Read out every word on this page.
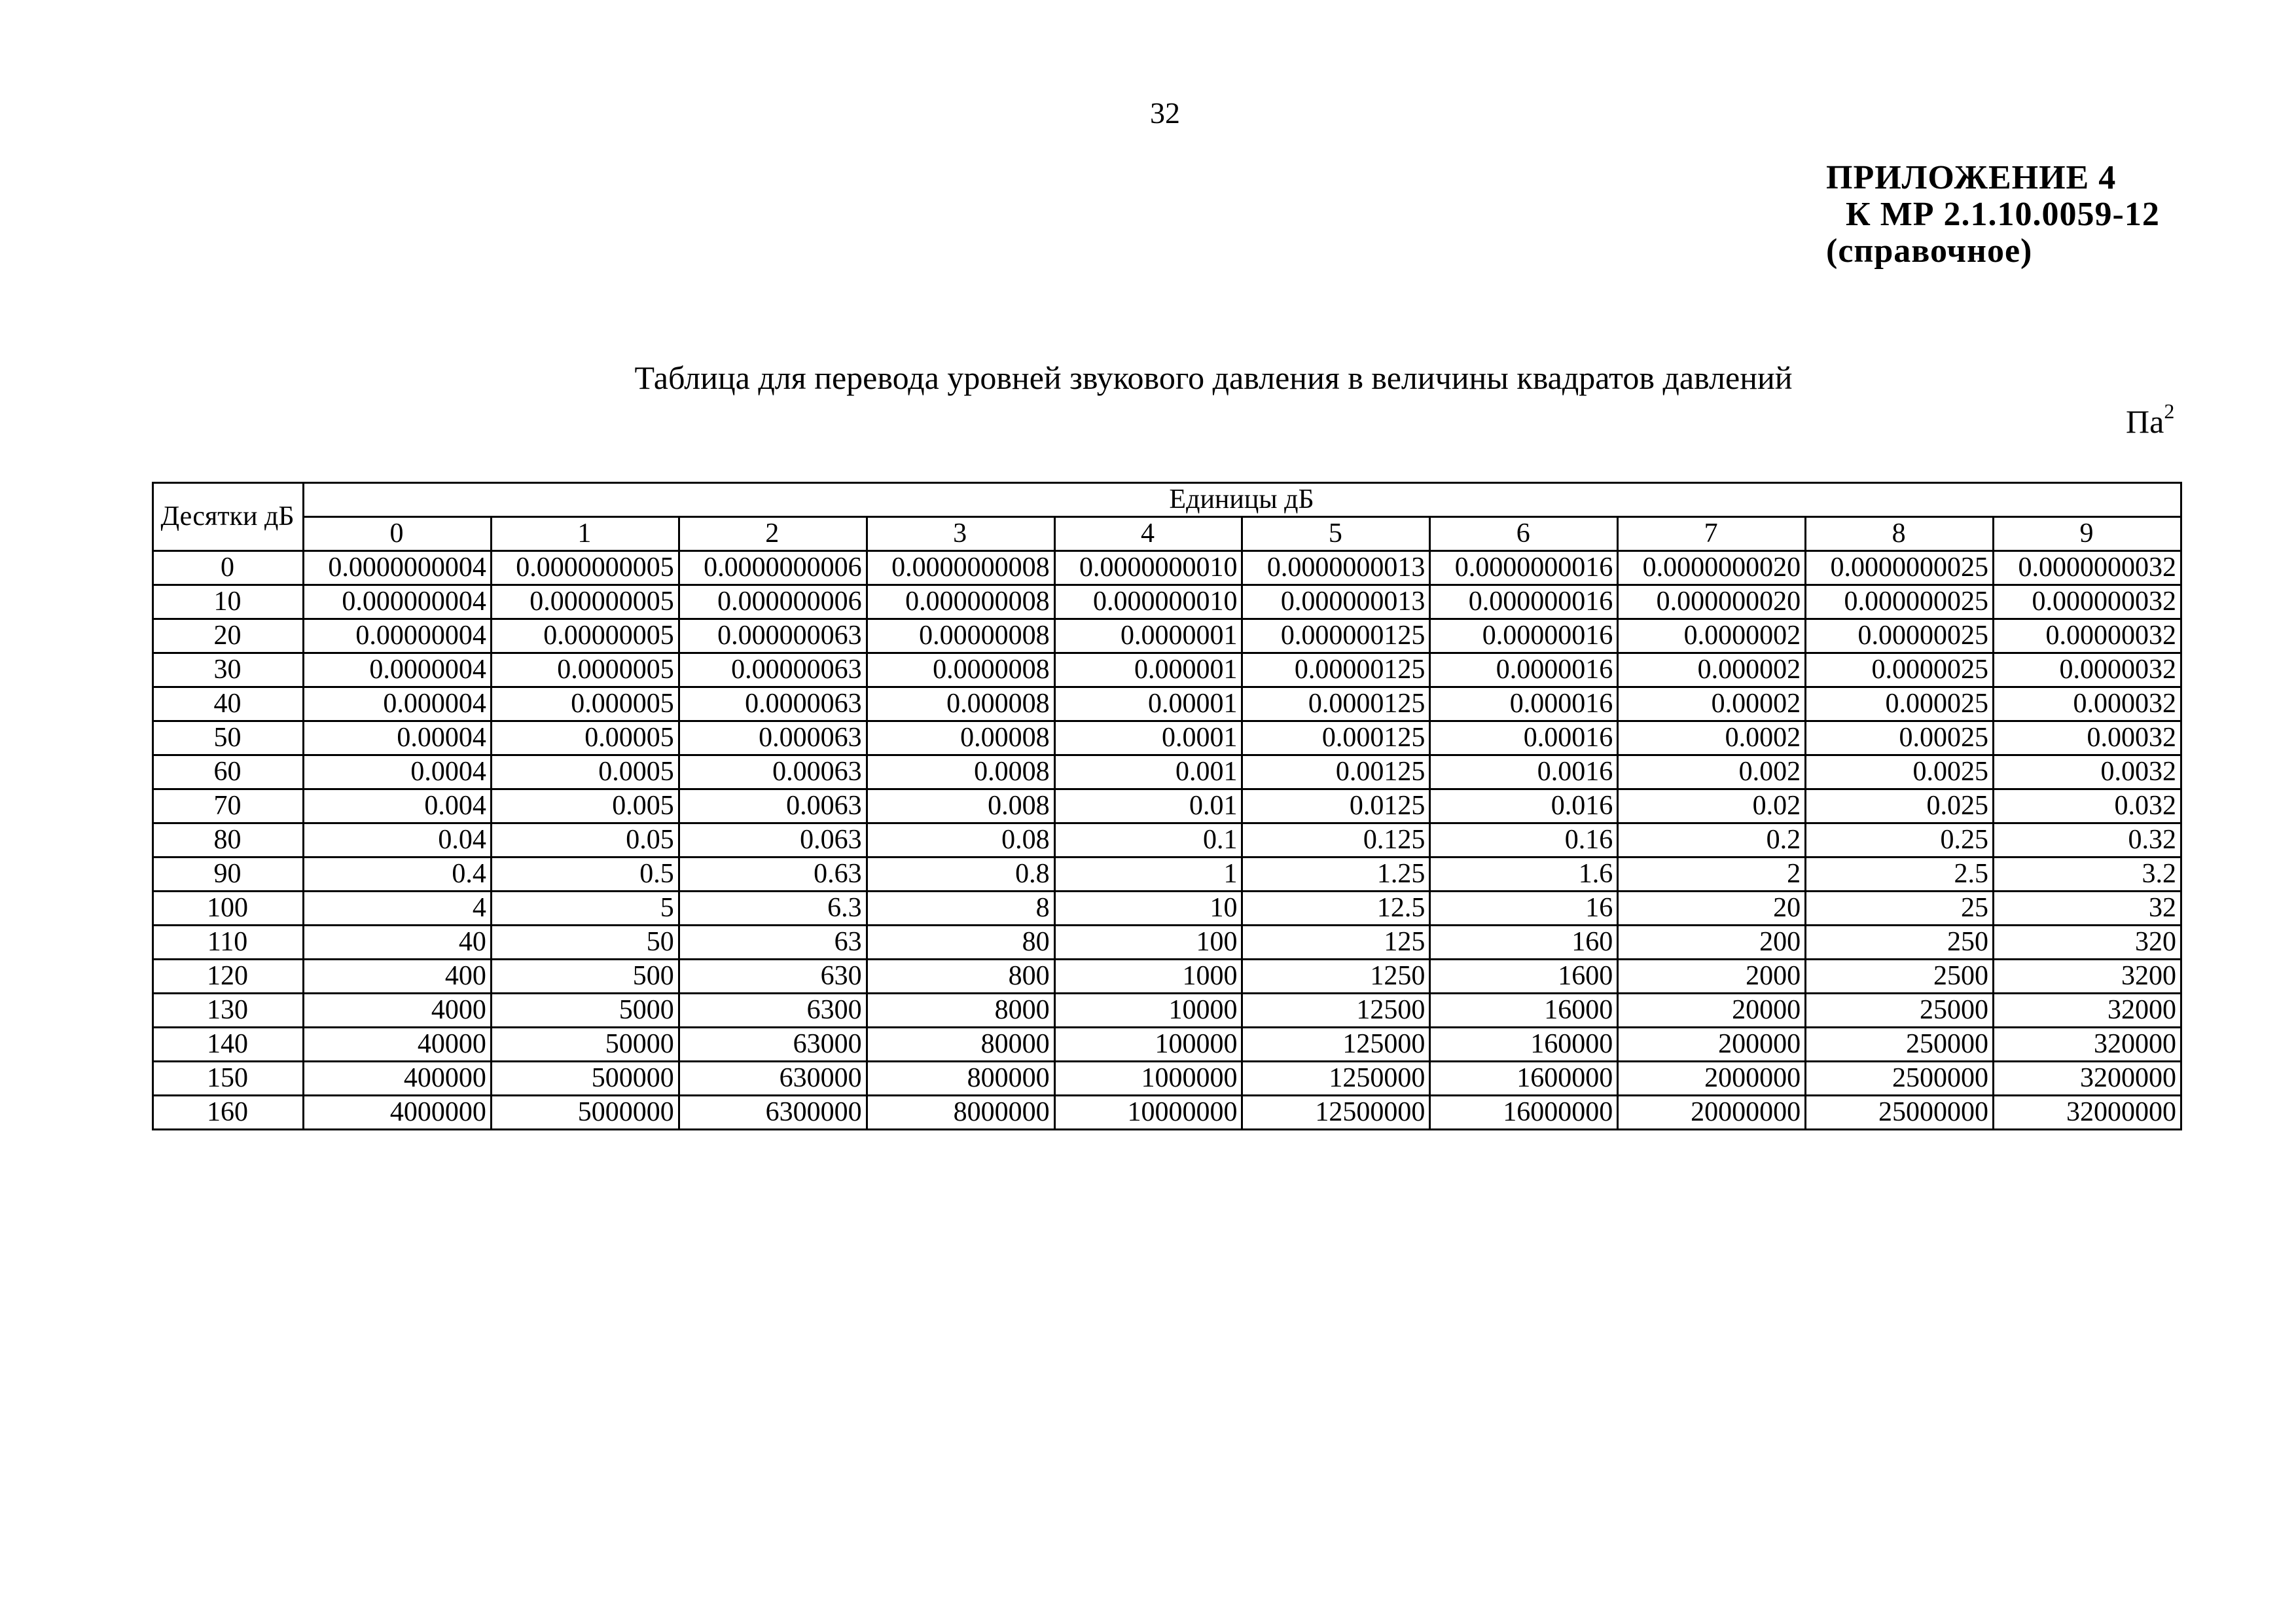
32
ПРИЛОЖЕНИЕ 4
К МР 2.1.10.0059-12
(справочное)
Таблица для перевода уровней звукового давления в величины квадратов давлений
$Па^2$
Десятки дБ	Единицы дБ									
	0	1	2	3	4	5	6	7	8	9
0	0.0000000004	0.0000000005	0.0000000006	0.0000000008	0.0000000010	0.0000000013	0.0000000016	0.0000000020	0.0000000025	0.0000000032
10	0.000000004	0.000000005	0.000000006	0.000000008	0.000000010	0.000000013	0.000000016	0.000000020	0.000000025	0.000000032
20	0.00000004	0.00000005	0.000000063	0.00000008	0.0000001	0.000000125	0.00000016	0.0000002	0.00000025	0.00000032
30	0.0000004	0.0000005	0.00000063	0.0000008	0.000001	0.00000125	0.0000016	0.000002	0.0000025	0.0000032
40	0.000004	0.000005	0.0000063	0.000008	0.00001	0.0000125	0.000016	0.00002	0.000025	0.000032
50	0.00004	0.00005	0.000063	0.00008	0.0001	0.000125	0.00016	0.0002	0.00025	0.00032
60	0.0004	0.0005	0.00063	0.0008	0.001	0.00125	0.0016	0.002	0.0025	0.0032
70	0.004	0.005	0.0063	0.008	0.01	0.0125	0.016	0.02	0.025	0.032
80	0.04	0.05	0.063	0.08	0.1	0.125	0.16	0.2	0.25	0.32
90	0.4	0.5	0.63	0.8	1	1.25	1.6	2	2.5	3.2
100	4	5	6.3	8	10	12.5	16	20	25	32
110	40	50	63	80	100	125	160	200	250	320
120	400	500	630	800	1000	1250	1600	2000	2500	3200
130	4000	5000	6300	8000	10000	12500	16000	20000	25000	32000
140	40000	50000	63000	80000	100000	125000	160000	200000	250000	320000
150	400000	500000	630000	800000	1000000	1250000	1600000	2000000	2500000	3200000
160	4000000	5000000	6300000	8000000	10000000	12500000	16000000	20000000	25000000	32000000
